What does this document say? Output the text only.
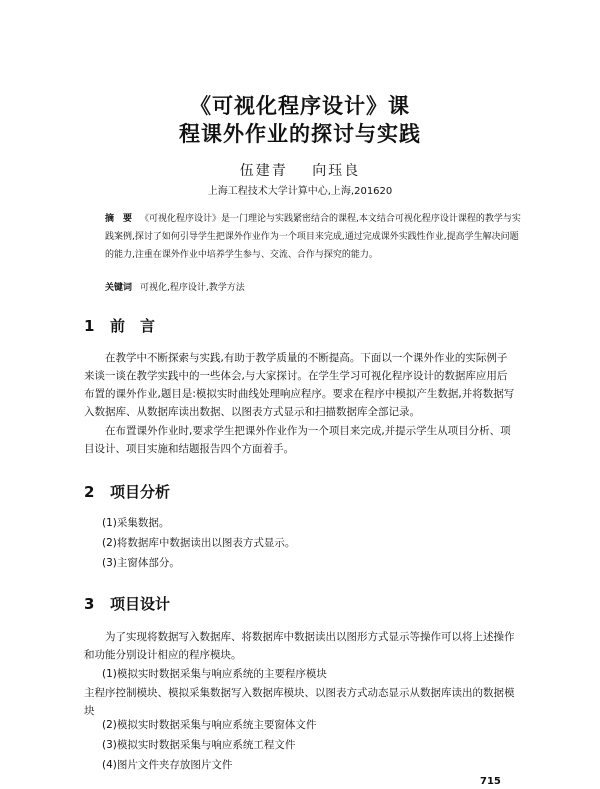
《可视化程序设计》课
程课外作业的探讨与实践
伍建青 向珏良
上海工程技术大学计算中心,上海,201620
摘　要 《可视化程序设计》是一门理论与实践紧密结合的课程,本文结合可视化程序设计课程的教学与实践案例,探讨了如何引导学生把课外作业作为一个项目来完成,通过完成课外实践性作业,提高学生解决问题的能力,注重在课外作业中培养学生参与、交流、合作与探究的能力。
关键词 可视化,程序设计,教学方法
1 前　言
在教学中不断探索与实践,有助于教学质量的不断提高。下面以一个课外作业的实际例子来谈一谈在教学实践中的一些体会,与大家探讨。在学生学习可视化程序设计的数据库应用后布置的课外作业,题目是:模拟实时曲线处理响应程序。要求在程序中模拟产生数据,并将数据写入数据库、从数据库读出数据、以图表方式显示和扫描数据库全部记录。
在布置课外作业时,要求学生把课外作业作为一个项目来完成,并提示学生从项目分析、项目设计、项目实施和结题报告四个方面着手。
2 项目分析
(1)采集数据。
(2)将数据库中数据读出以图表方式显示。
(3)主窗体部分。
3 项目设计
为了实现将数据写入数据库、将数据库中数据读出以图形方式显示等操作可以将上述操作和功能分别设计相应的程序模块。
(1)模拟实时数据采集与响应系统的主要程序模块
主程序控制模块、模拟采集数据写入数据库模块、以图表方式动态显示从数据库读出的数据模块
(2)模拟实时数据采集与响应系统主要窗体文件
(3)模拟实时数据采集与响应系统工程文件
(4)图片文件夹存放图片文件
715
